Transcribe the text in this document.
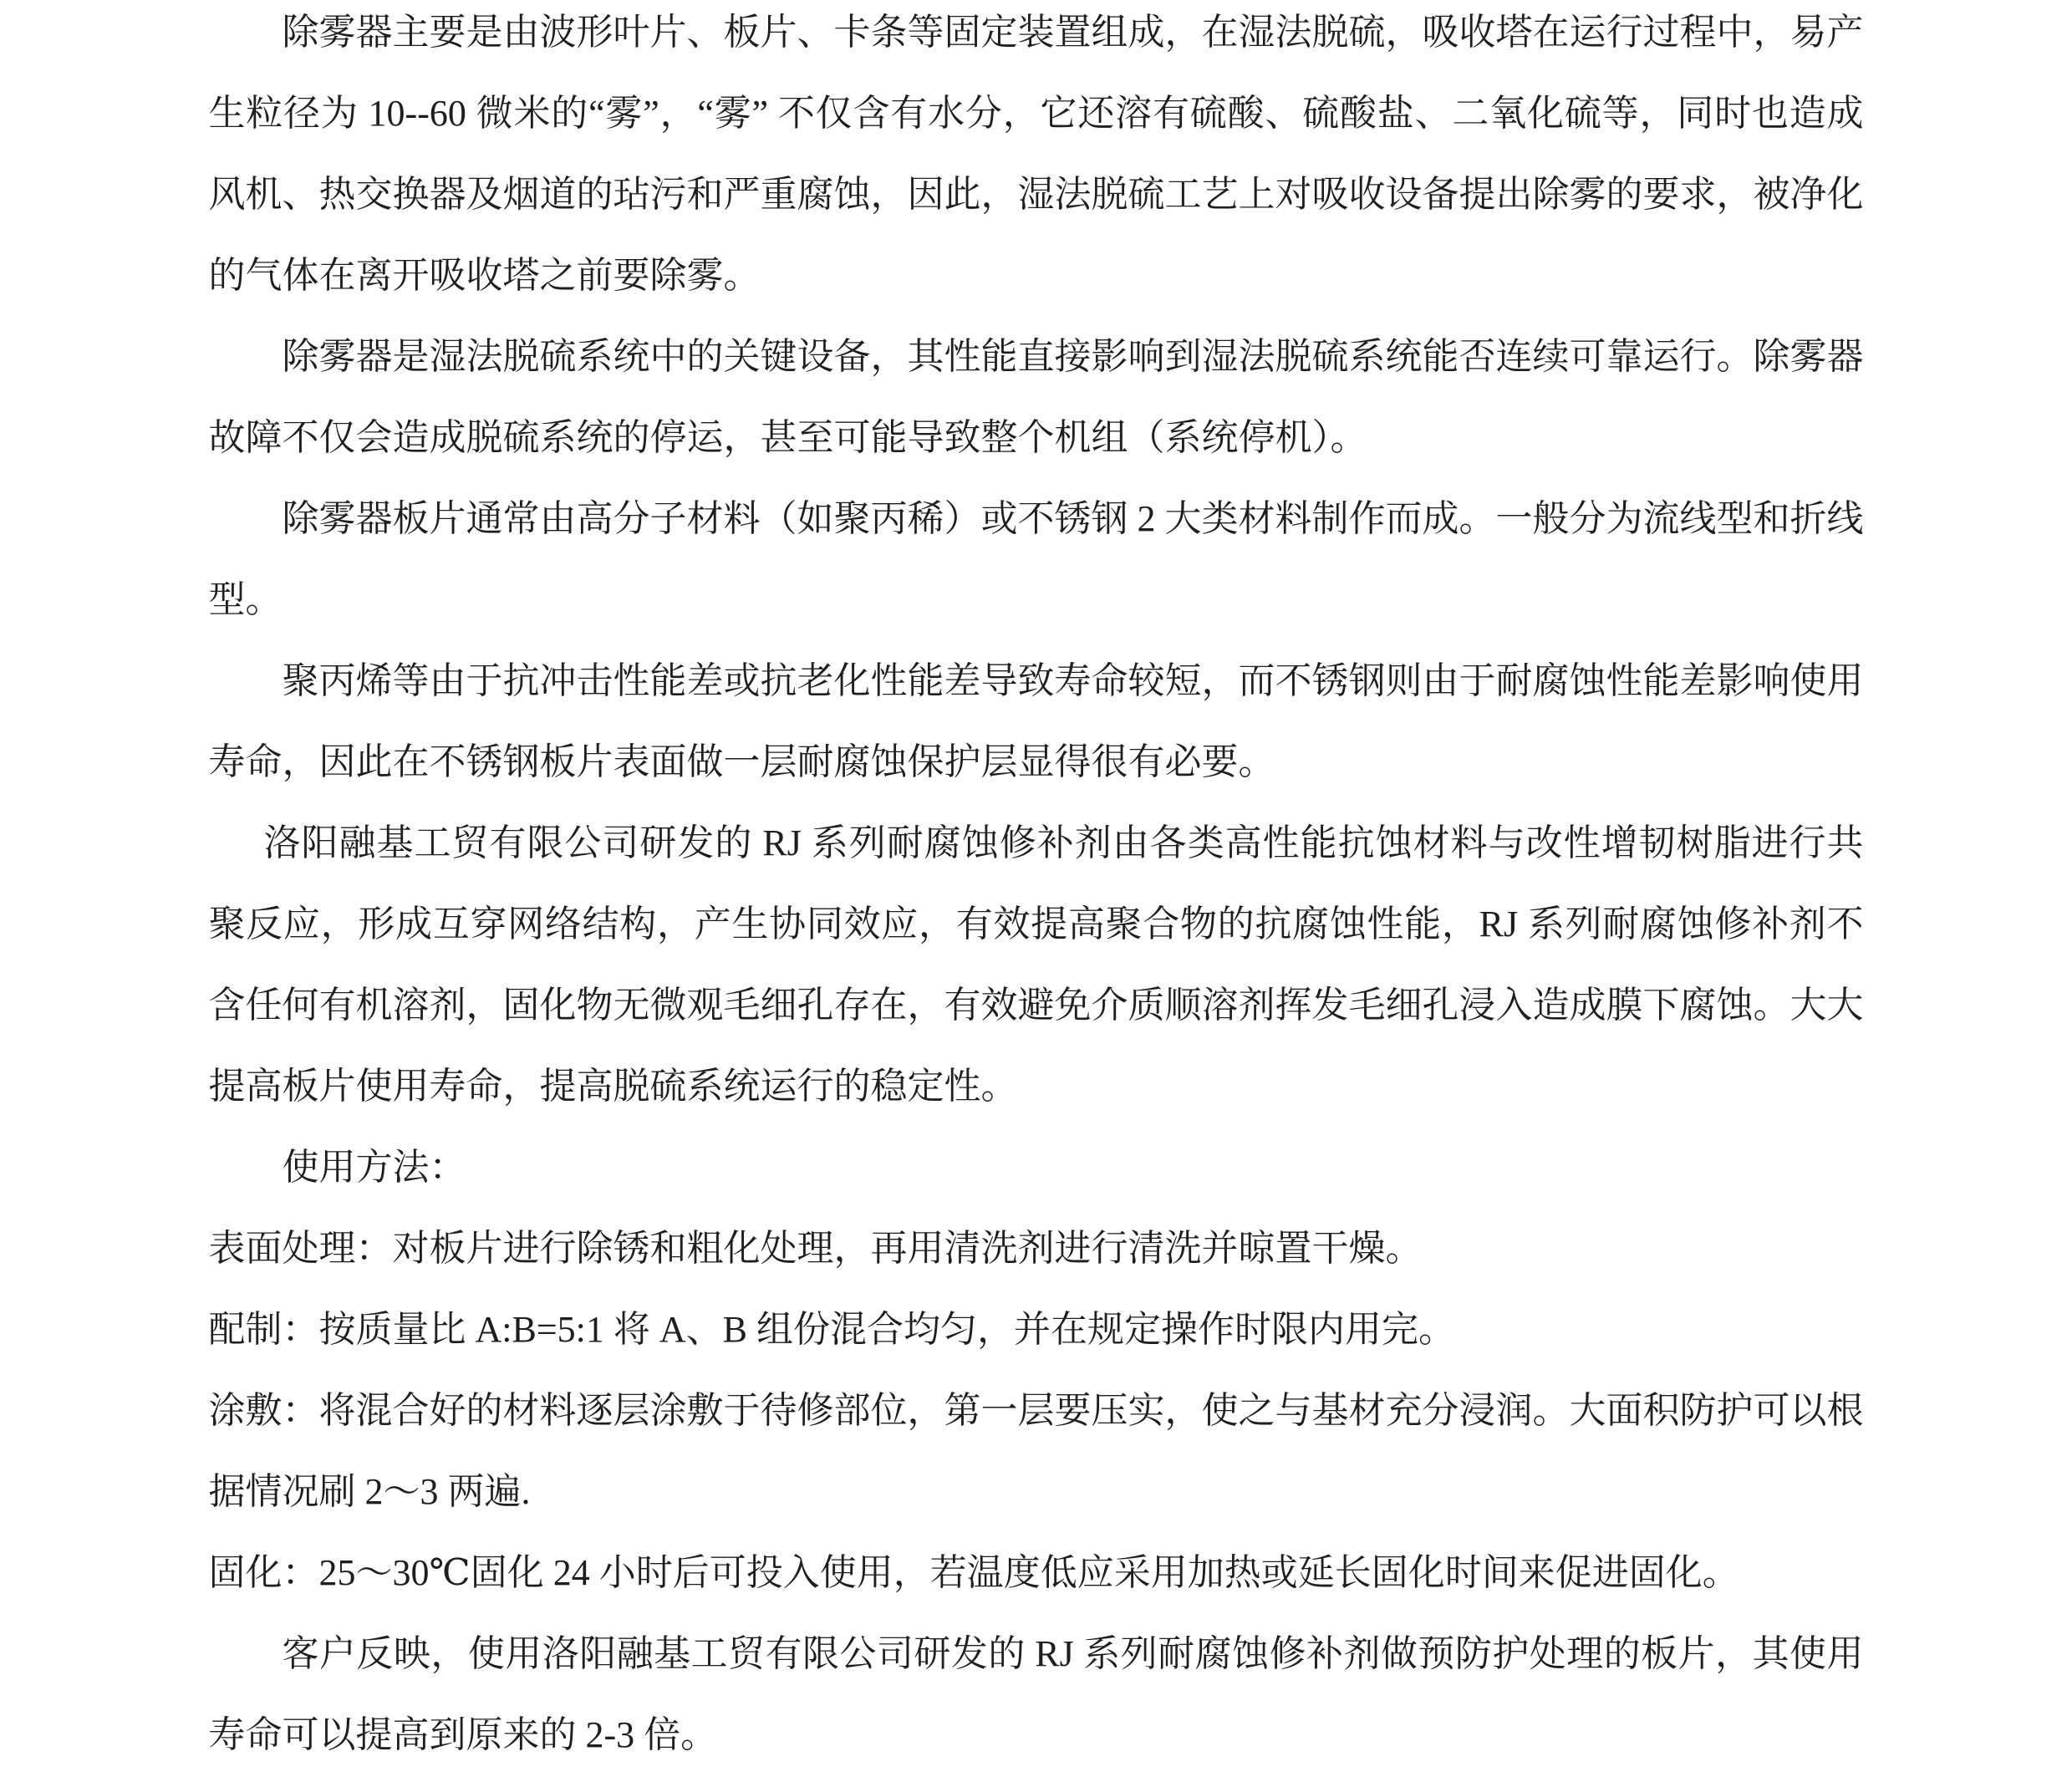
除雾器主要是由波形叶片、板片、卡条等固定装置组成，在湿法脱硫，吸收塔在运行过程中，易产生粒径为 10--60 微米的“雾”，“雾” 不仅含有水分，它还溶有硫酸、硫酸盐、二氧化硫等，同时也造成风机、热交换器及烟道的玷污和严重腐蚀，因此，湿法脱硫工艺上对吸收设备提出除雾的要求，被净化的气体在离开吸收塔之前要除雾。

除雾器是湿法脱硫系统中的关键设备，其性能直接影响到湿法脱硫系统能否连续可靠运行。除雾器故障不仅会造成脱硫系统的停运，甚至可能导致整个机组（系统停机）。

除雾器板片通常由高分子材料（如聚丙稀）或不锈钢 2 大类材料制作而成。一般分为流线型和折线型。

聚丙烯等由于抗冲击性能差或抗老化性能差导致寿命较短，而不锈钢则由于耐腐蚀性能差影响使用寿命，因此在不锈钢板片表面做一层耐腐蚀保护层显得很有必要。

洛阳融基工贸有限公司研发的 RJ 系列耐腐蚀修补剂由各类高性能抗蚀材料与改性增韧树脂进行共聚反应，形成互穿网络结构，产生协同效应，有效提高聚合物的抗腐蚀性能，RJ 系列耐腐蚀修补剂不含任何有机溶剂，固化物无微观毛细孔存在，有效避免介质顺溶剂挥发毛细孔浸入造成膜下腐蚀。大大提高板片使用寿命，提高脱硫系统运行的稳定性。

使用方法：

表面处理：对板片进行除锈和粗化处理，再用清洗剂进行清洗并晾置干燥。

配制：按质量比 A:B=5:1 将 A、B 组份混合均匀，并在规定操作时限内用完。

涂敷：将混合好的材料逐层涂敷于待修部位，第一层要压实，使之与基材充分浸润。大面积防护可以根据情况刷 2～3 两遍.

固化：25～30℃固化 24 小时后可投入使用，若温度低应采用加热或延长固化时间来促进固化。

客户反映，使用洛阳融基工贸有限公司研发的 RJ 系列耐腐蚀修补剂做预防护处理的板片，其使用寿命可以提高到原来的 2-3 倍。
